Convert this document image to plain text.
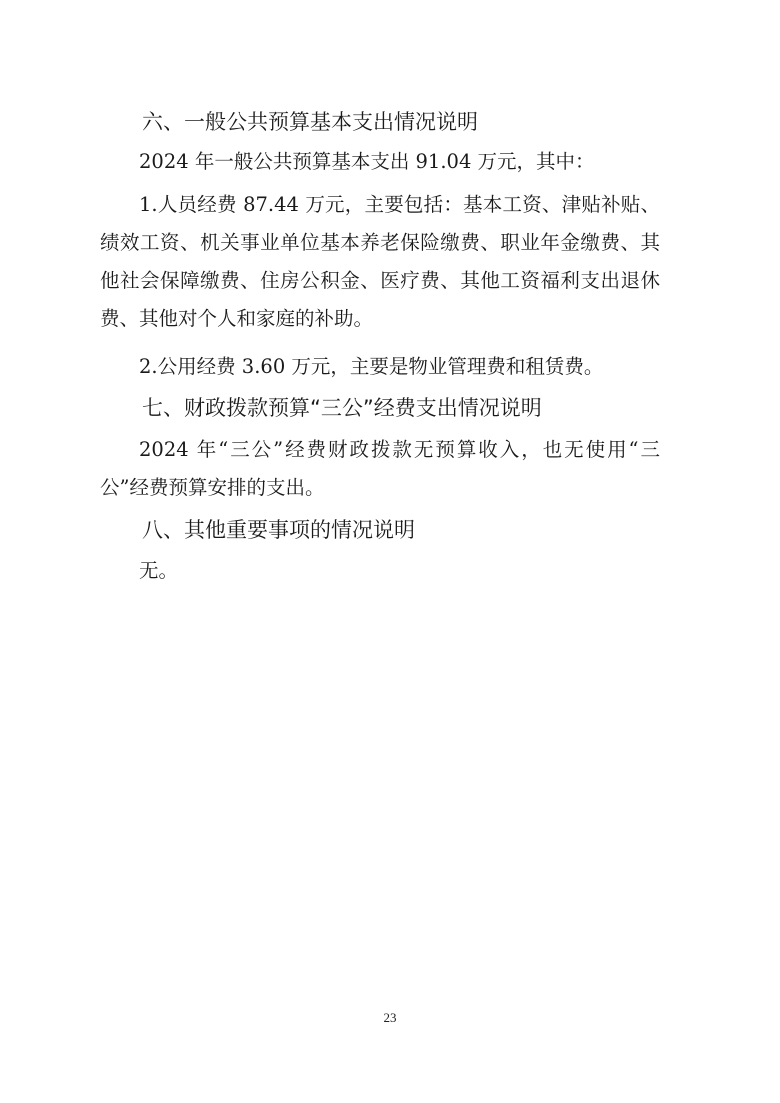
六、一般公共预算基本支出情况说明
2024 年一般公共预算基本支出 91.04 万元，其中：
1.人员经费 87.44 万元，主要包括：基本工资、津贴补贴、绩效工资、机关事业单位基本养老保险缴费、职业年金缴费、其他社会保障缴费、住房公积金、医疗费、其他工资福利支出退休费、其他对个人和家庭的补助。
2.公用经费 3.60 万元，主要是物业管理费和租赁费。
七、财政拨款预算“三公”经费支出情况说明
2024 年“三公”经费财政拨款无预算收入，也无使用“三公”经费预算安排的支出。
八、其他重要事项的情况说明
无。
23
